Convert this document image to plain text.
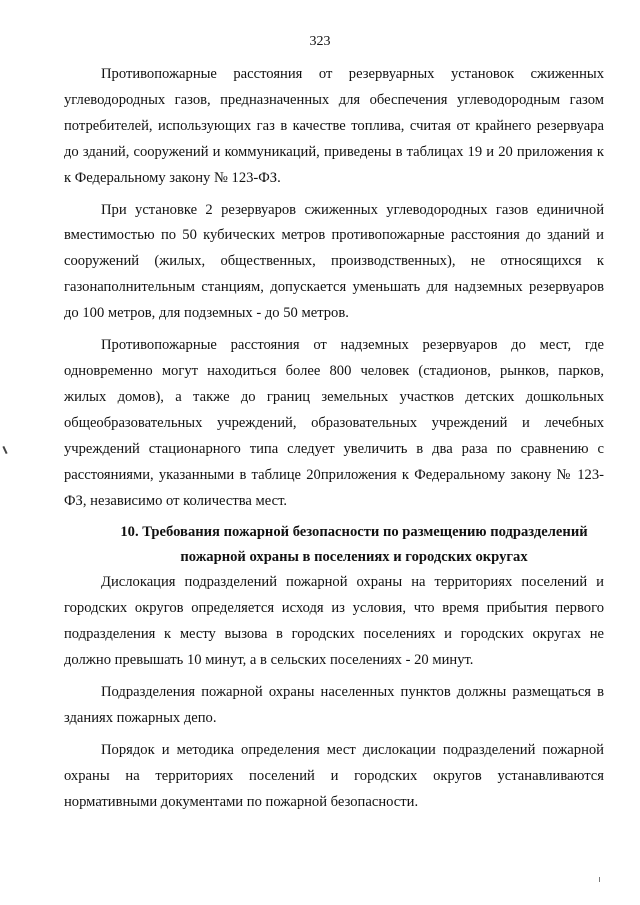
323

Противопожарные расстояния от резервуарных установок сжиженных углеводородных газов, предназначенных для обеспечения углеводородным газом потребителей, использующих газ в качестве топлива, считая от крайнего резервуара до зданий, сооружений и коммуникаций, приведены в таблицах 19 и 20 приложения к к Федеральному закону № 123-ФЗ.

При установке 2 резервуаров сжиженных углеводородных газов единичной вместимостью по 50 кубических метров противопожарные расстояния до зданий и сооружений (жилых, общественных, производственных), не относящихся к газонаполнительным станциям, допускается уменьшать для надземных резервуаров до 100 метров, для подземных - до 50 метров.

Противопожарные расстояния от надземных резервуаров до мест, где одновременно могут находиться более 800 человек (стадионов, рынков, парков, жилых домов), а также до границ земельных участков детских дошкольных общеобразовательных учреждений, образовательных учреждений и лечебных учреждений стационарного типа следует увеличить в два раза по сравнению с расстояниями, указанными в таблице 20приложения к Федеральному закону № 123-ФЗ, независимо от количества мест.

10. Требования пожарной безопасности по размещению подразделений
пожарной охраны в поселениях и городских округах

Дислокация подразделений пожарной охраны на территориях поселений и городских округов определяется исходя из условия, что время прибытия первого подразделения к месту вызова в городских поселениях и городских округах не должно превышать 10 минут, а в сельских поселениях - 20 минут.

Подразделения пожарной охраны населенных пунктов должны размещаться в зданиях пожарных депо.

Порядок и методика определения мест дислокации подразделений пожарной охраны на территориях поселений и городских округов устанавливаются нормативными документами по пожарной безопасности.
